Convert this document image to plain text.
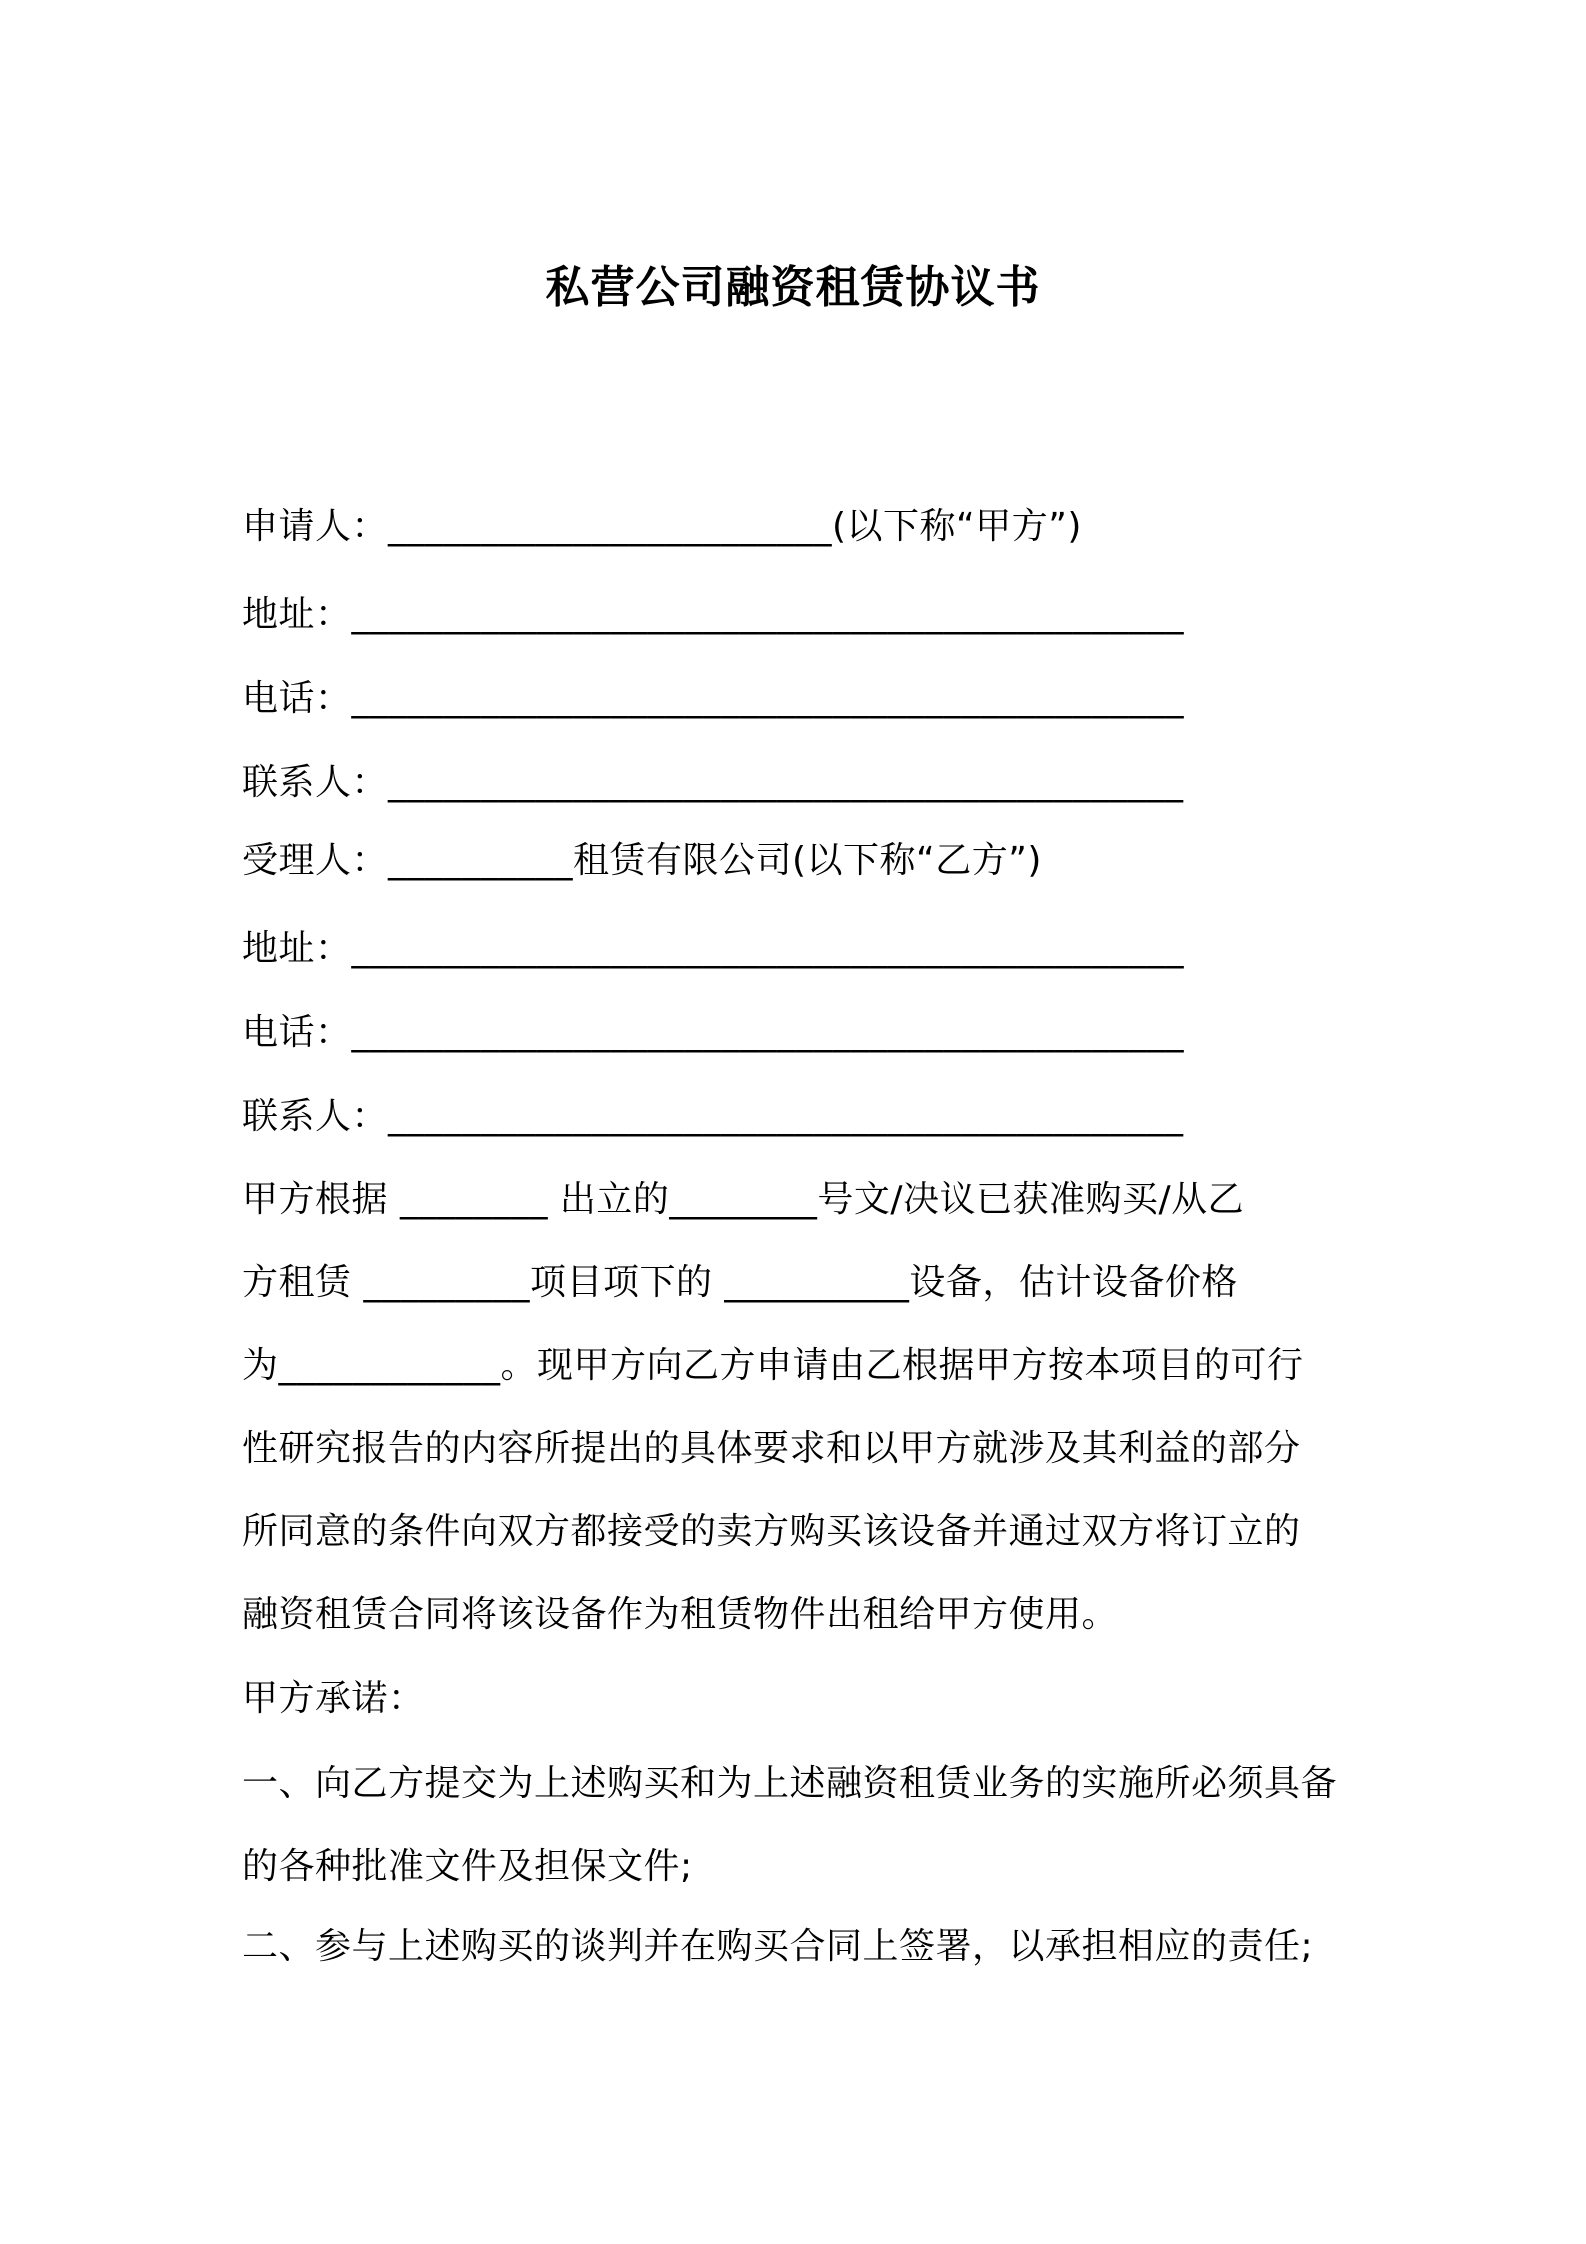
私营公司融资租赁协议书
申请人：________________________(以下称“甲方”)
地址：_____________________________________________
电话：_____________________________________________
联系人：___________________________________________
受理人：__________租赁有限公司(以下称“乙方”)
地址：_____________________________________________
电话：_____________________________________________
联系人：___________________________________________
甲方根据 ________ 出立的________号文/决议已获准购买/从乙
方租赁 _________项目项下的 __________设备，估计设备价格
为____________。现甲方向乙方申请由乙根据甲方按本项目的可行
性研究报告的内容所提出的具体要求和以甲方就涉及其利益的部分
所同意的条件向双方都接受的卖方购买该设备并通过双方将订立的
融资租赁合同将该设备作为租赁物件出租给甲方使用。
甲方承诺：
一、向乙方提交为上述购买和为上述融资租赁业务的实施所必须具备
的各种批准文件及担保文件;
二、参与上述购买的谈判并在购买合同上签署，以承担相应的责任;
